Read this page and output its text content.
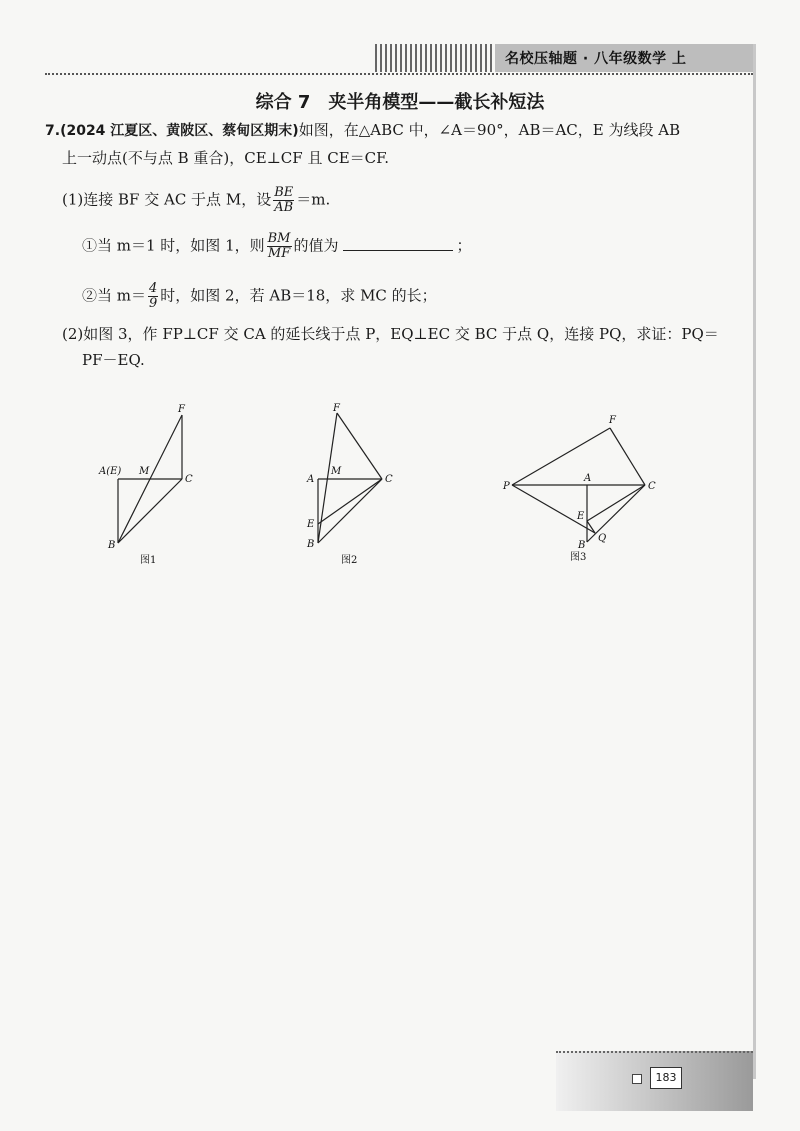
名校压轴题 · 八年级数学 上
综合 7　夹半角模型——截长补短法
7.(2024 江夏区、黄陂区、蔡甸区期末)如图，在△ABC 中，∠A＝90°，AB＝AC，E 为线段 AB
上一动点(不与点 B 重合)，CE⊥CF 且 CE＝CF.
(1)连接 BF 交 AC 于点 M，设 $\frac{BE}{AB} =m$.
①当 m＝1 时，如图 1，则 $\frac{BM}{MF}$ 的值为	；
②当 $m= \frac{4}{9}$ 时，如图 2，若 AB＝18，求 MC 的长；
(2)如图 3，作 FP⊥CF 交 CA 的延长线于点 P，EQ⊥EC 交 BC 于点 Q，连接 PQ，求证：PQ＝
PF－EQ.
F
A(E) M
C
B
图1
F
A
M
C
E
B
图2
F
P
A
C
E
B
Q
图3
183
